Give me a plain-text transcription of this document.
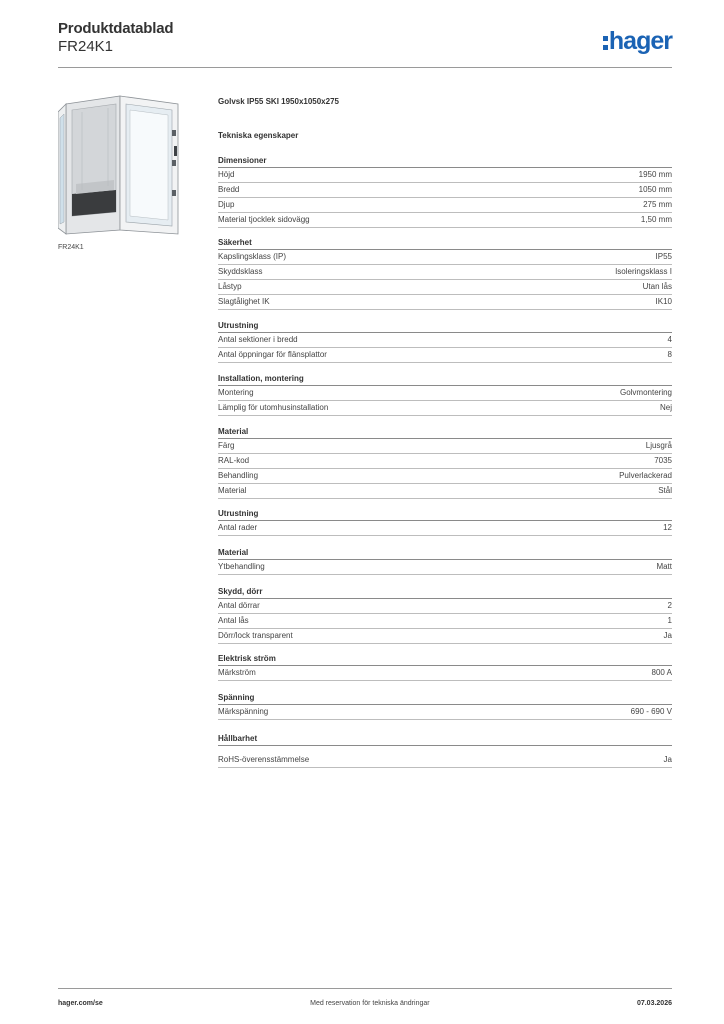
Produktdatablad
FR24K1	hager
FR24K1
Golvsk IP55 SKI 1950x1050x275
Tekniska egenskaper
Dimensioner
Höjd	1950 mm
Bredd	1050 mm
Djup	275 mm
Material tjocklek sidovägg	1,50 mm
Säkerhet
Kapslingsklass (IP)	IP55
Skyddsklass	Isoleringsklass I
Låstyp	Utan lås
Slagtålighet IK	IK10
Utrustning
Antal sektioner i bredd	4
Antal öppningar för flänsplattor	8
Installation, montering
Montering	Golvmontering
Lämplig för utomhusinstallation	Nej
Material
Färg	Ljusgrå
RAL-kod	7035
Behandling	Pulverlackerad
Material	Stål
Utrustning
Antal rader	12
Material
Ytbehandling	Matt
Skydd, dörr
Antal dörrar	2
Antal lås	1
Dörr/lock transparent	Ja
Elektrisk ström
Märkström	800 A
Spänning
Märkspänning	690 - 690 V
Hållbarhet
RoHS-överensstämmelse	Ja
hager.com/se	Med reservation för tekniska ändringar	07.03.2026
